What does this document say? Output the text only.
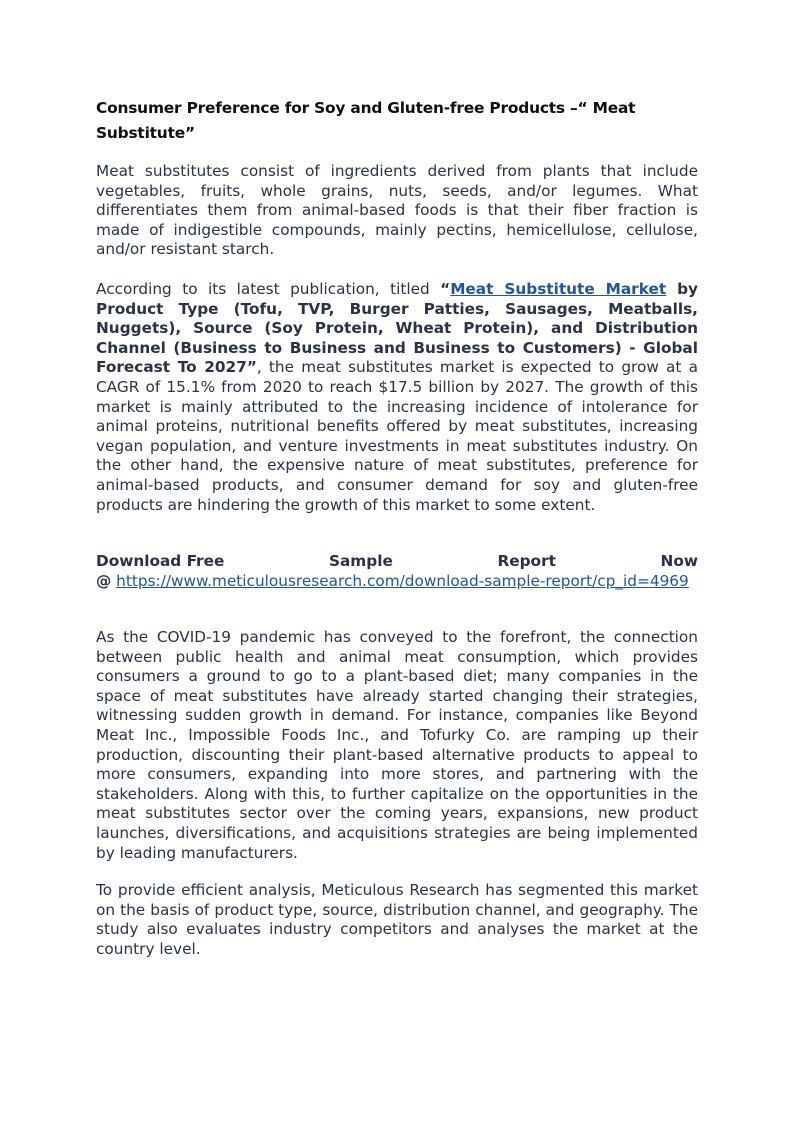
Consumer Preference for Soy and Gluten-free Products –“ Meat Substitute”

Meat substitutes consist of ingredients derived from plants that include vegetables, fruits, whole grains, nuts, seeds, and/or legumes. What differentiates them from animal-based foods is that their fiber fraction is made of indigestible compounds, mainly pectins, hemicellulose, cellulose, and/or resistant starch.

According to its latest publication, titled “Meat Substitute Market by Product Type (Tofu, TVP, Burger Patties, Sausages, Meatballs, Nuggets), Source (Soy Protein, Wheat Protein), and Distribution Channel (Business to Business and Business to Customers) - Global Forecast To 2027”, the meat substitutes market is expected to grow at a CAGR of 15.1% from 2020 to reach $17.5 billion by 2027. The growth of this market is mainly attributed to the increasing incidence of intolerance for animal proteins, nutritional benefits offered by meat substitutes, increasing vegan population, and venture investments in meat substitutes industry. On the other hand, the expensive nature of meat substitutes, preference for animal-based products, and consumer demand for soy and gluten-free products are hindering the growth of this market to some extent.

Download Free	Sample	Report	Now
@ https://www.meticulousresearch.com/download-sample-report/cp_id=4969

As the COVID-19 pandemic has conveyed to the forefront, the connection between public health and animal meat consumption, which provides consumers a ground to go to a plant-based diet; many companies in the space of meat substitutes have already started changing their strategies, witnessing sudden growth in demand. For instance, companies like Beyond Meat Inc., Impossible Foods Inc., and Tofurky Co. are ramping up their production, discounting their plant-based alternative products to appeal to more consumers, expanding into more stores, and partnering with the stakeholders. Along with this, to further capitalize on the opportunities in the meat substitutes sector over the coming years, expansions, new product launches, diversifications, and acquisitions strategies are being implemented by leading manufacturers.

To provide efficient analysis, Meticulous Research has segmented this market on the basis of product type, source, distribution channel, and geography. The study also evaluates industry competitors and analyses the market at the country level.
